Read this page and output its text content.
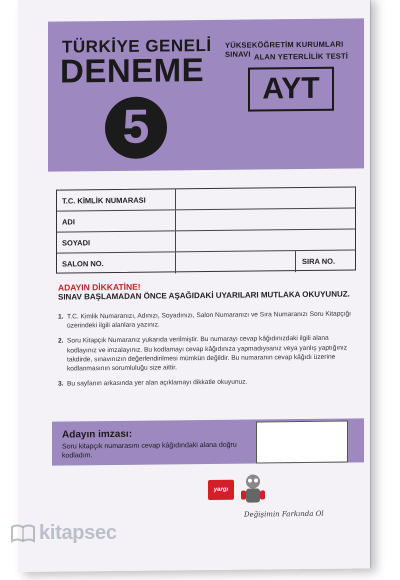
TÜRKİYE GENELİ
DENEME
5
YÜKSEKÖĞRETİM KURUMLARI SINAVI ALAN YETERLİLİK TESTİ
AYT
T.C. KİMLİK NUMARASI
ADI
SOYADI
SALON NO.	SIRA NO.
ADAYIN DİKKATİNE!
SINAV BAŞLAMADAN ÖNCE AŞAĞIDAKİ UYARILARI MUTLAKA OKUYUNUZ.
1. T.C. Kimlik Numaranızı, Adınızı, Soyadınızı, Salon Numaranızı ve Sıra Numaranızı Soru Kitapçığı üzerindeki ilgili alanlara yazınız.
2. Soru Kitapçık Numaranız yukarıda verilmiştir. Bu numarayı cevap kâğıdınızdaki ilgili alana kodlayınız ve imzalayınız. Bu kodlamayı cevap kâğıdınıza yapmadıysanız veya yanlış yaptığınız takdirde, sınavınızın değerlendirilmesi mümkün değildir. Bu numaranın cevap kâğıdı üzerine kodlanmasının sorumluluğu size aittir.
3. Bu sayfanın arkasında yer alan açıklamayı dikkatle okuyunuz.
Adayın imzası:
Soru kitapçık numarasını cevap kâğıdındaki alana doğru kodladım.
yargı
Değişimin Farkında Ol
kitapsec
